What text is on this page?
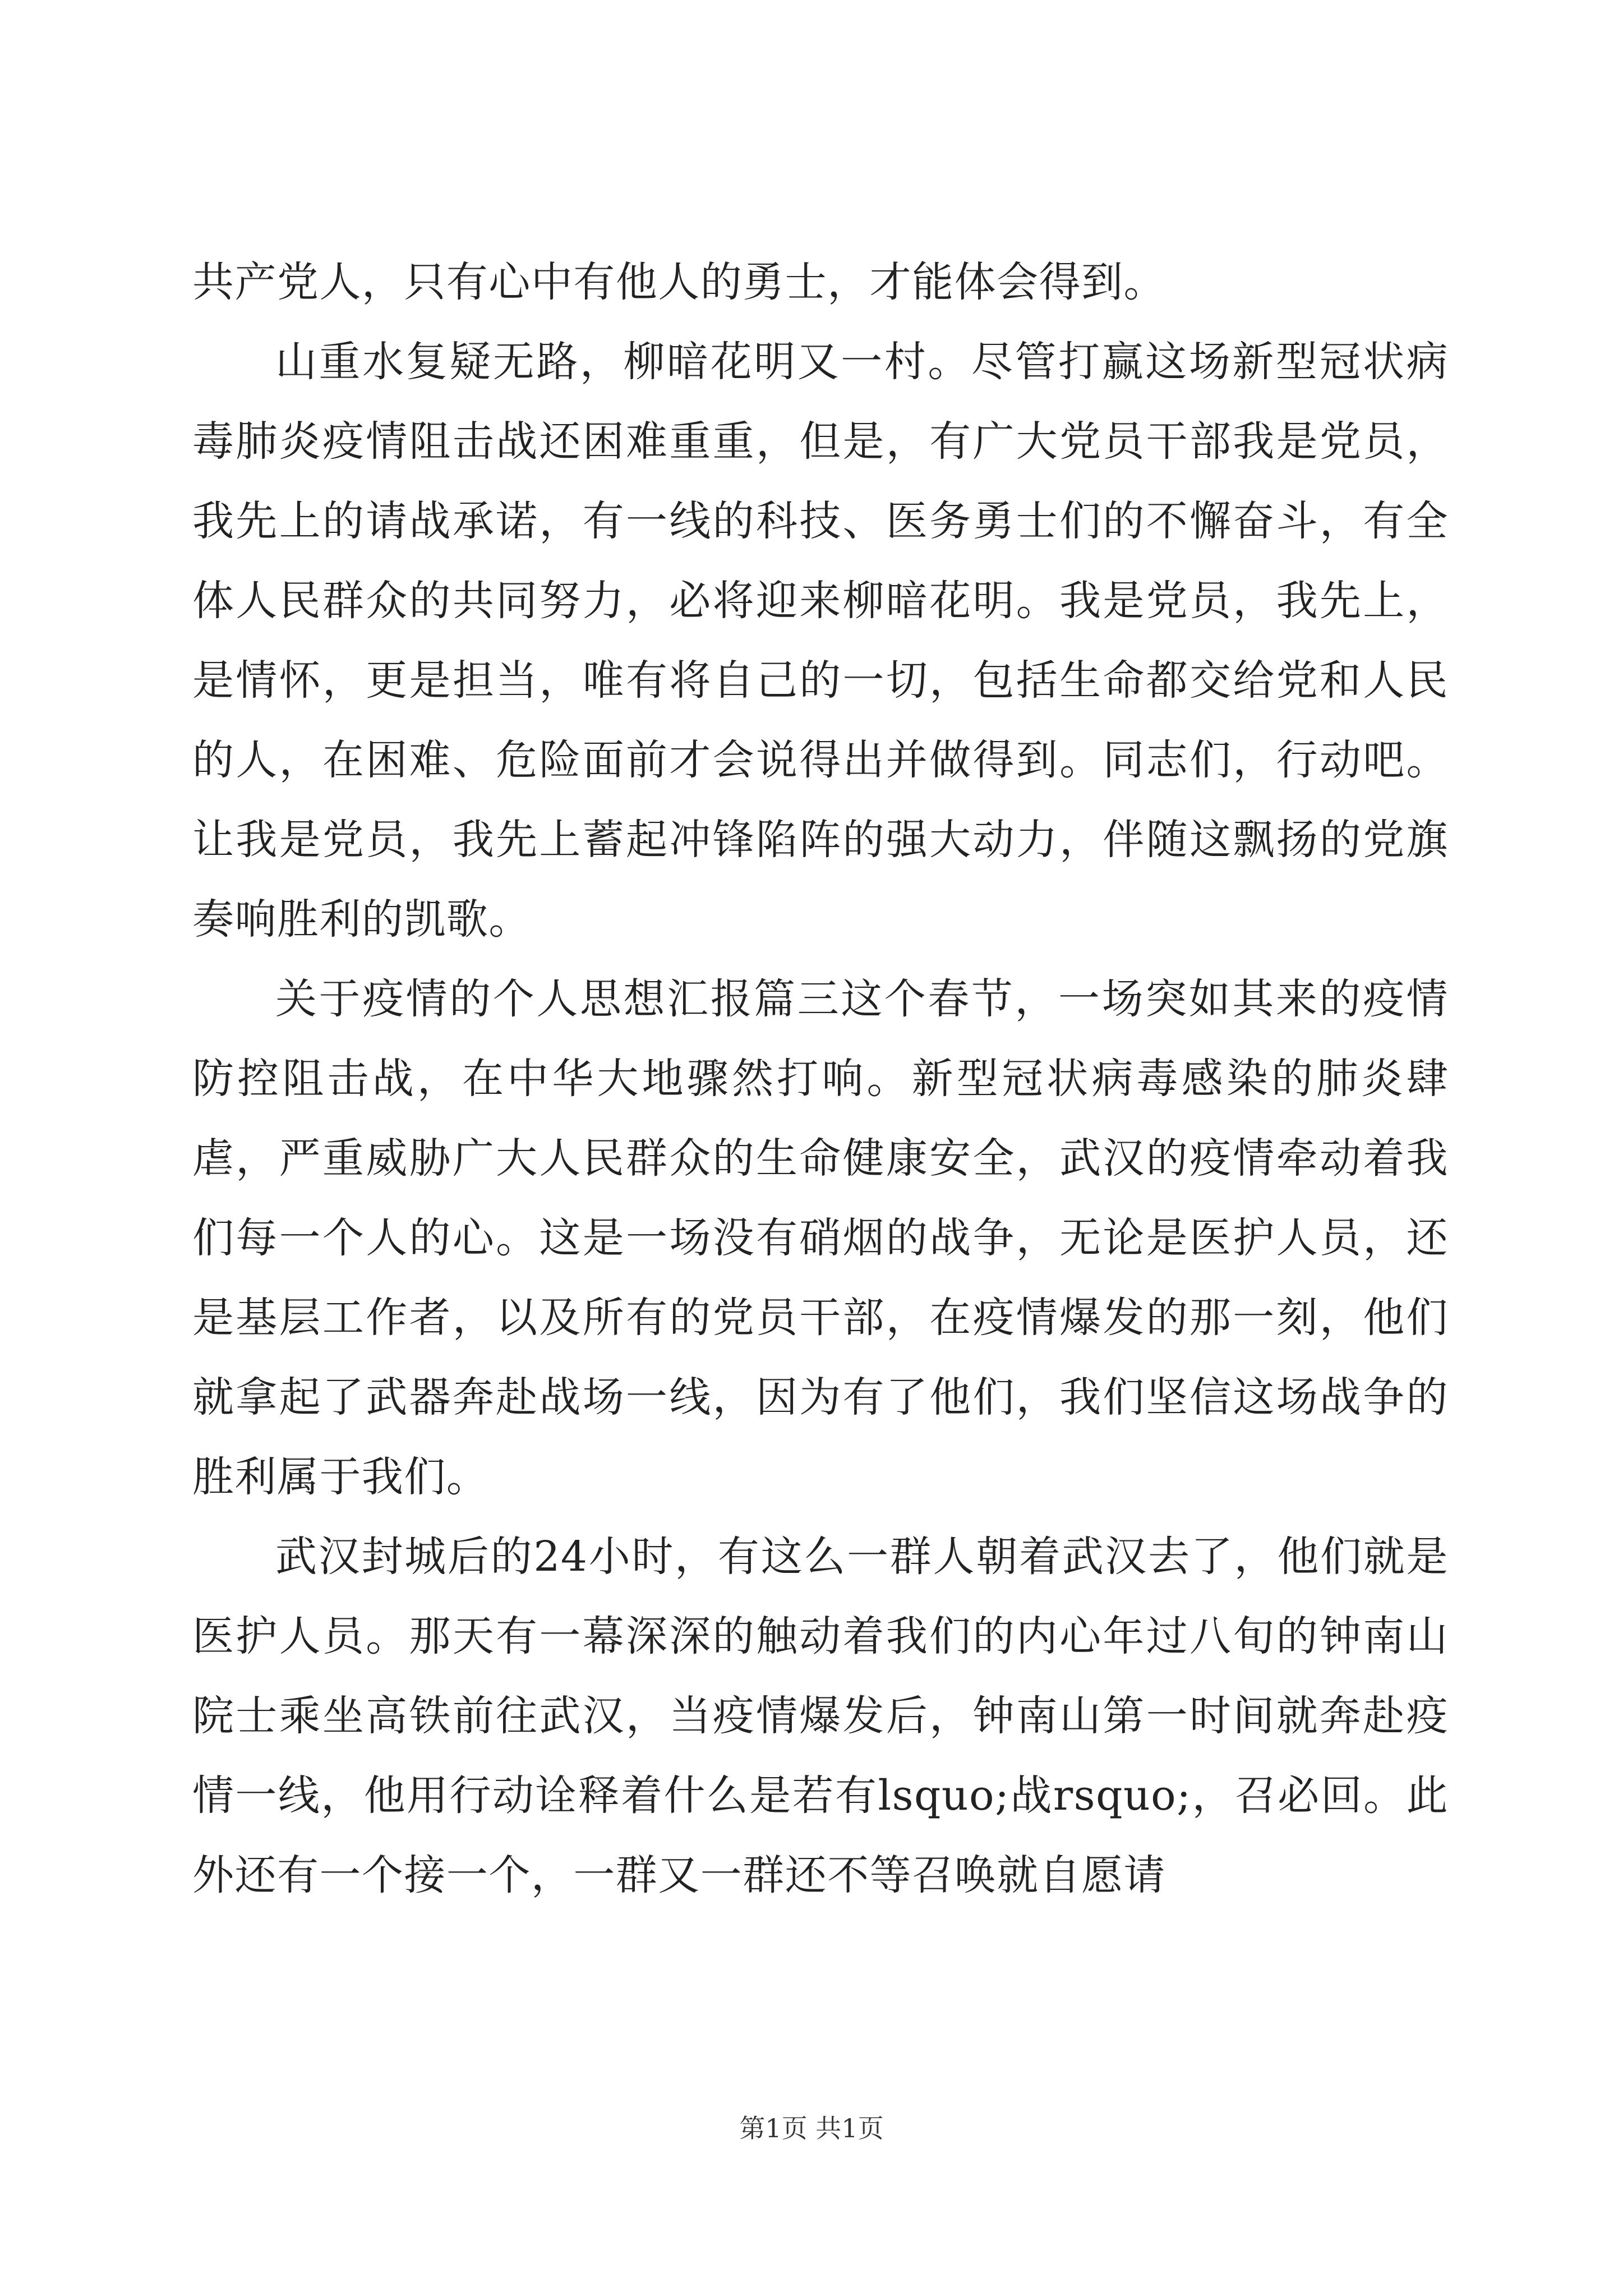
共产党人，只有心中有他人的勇士，才能体会得到。

山重水复疑无路，柳暗花明又一村。尽管打赢这场新型冠状病毒肺炎疫情阻击战还困难重重，但是，有广大党员干部我是党员，我先上的请战承诺，有一线的科技、医务勇士们的不懈奋斗，有全体人民群众的共同努力，必将迎来柳暗花明。我是党员，我先上，是情怀，更是担当，唯有将自己的一切，包括生命都交给党和人民的人，在困难、危险面前才会说得出并做得到。同志们，行动吧。让我是党员，我先上蓄起冲锋陷阵的强大动力，伴随这飘扬的党旗奏响胜利的凯歌。

关于疫情的个人思想汇报篇三这个春节，一场突如其来的疫情防控阻击战，在中华大地骤然打响。新型冠状病毒感染的肺炎肆虐，严重威胁广大人民群众的生命健康安全，武汉的疫情牵动着我们每一个人的心。这是一场没有硝烟的战争，无论是医护人员，还是基层工作者，以及所有的党员干部，在疫情爆发的那一刻，他们就拿起了武器奔赴战场一线，因为有了他们，我们坚信这场战争的胜利属于我们。

武汉封城后的24小时，有这么一群人朝着武汉去了，他们就是医护人员。那天有一幕深深的触动着我们的内心年过八旬的钟南山院士乘坐高铁前往武汉，当疫情爆发后，钟南山第一时间就奔赴疫情一线，他用行动诠释着什么是若有lsquo;战rsquo;，召必回。此外还有一个接一个，一群又一群还不等召唤就自愿请

第1页 共1页
